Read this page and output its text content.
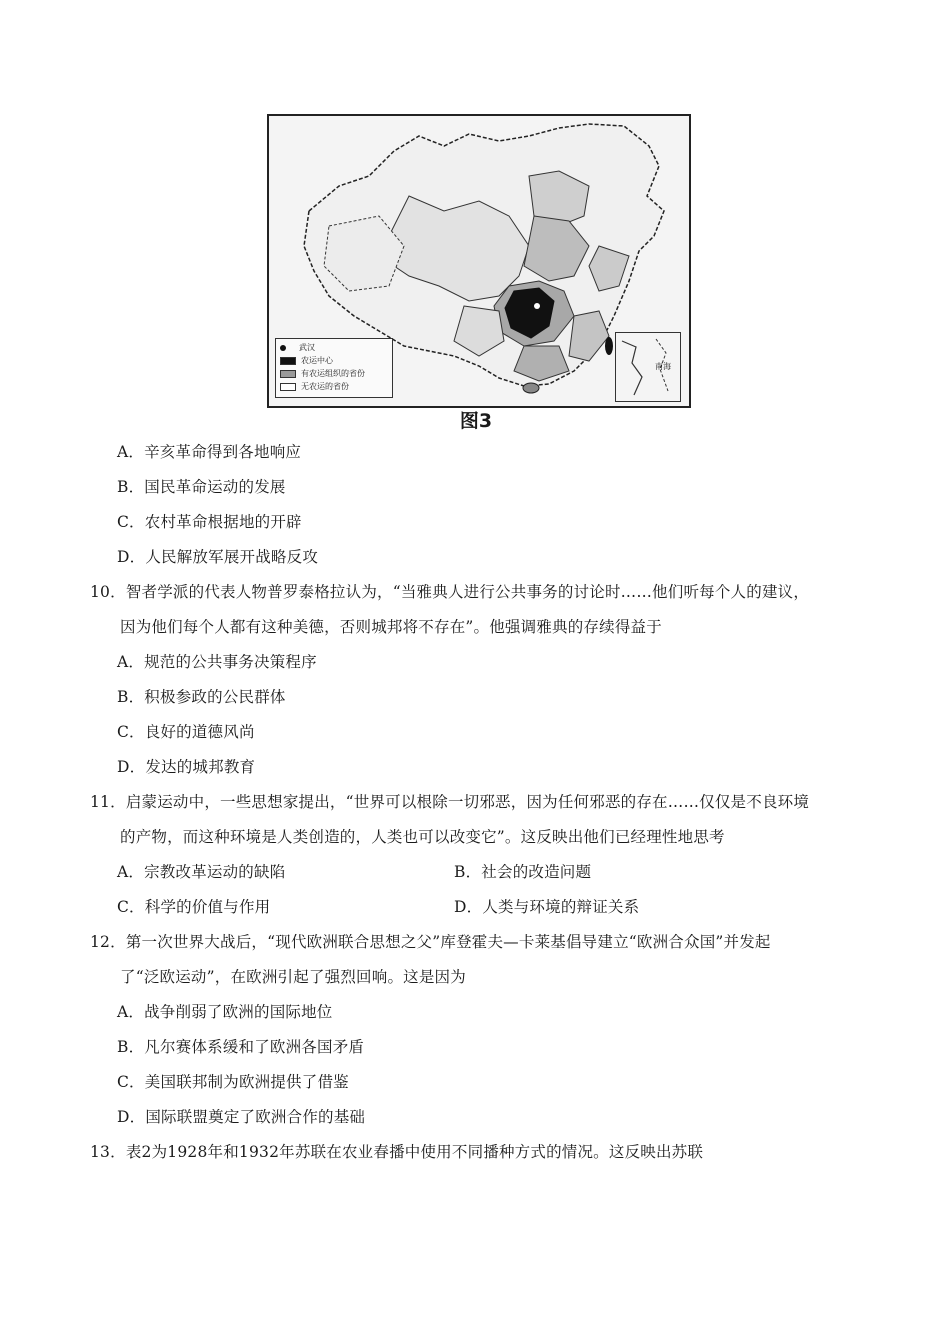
武汉
农运中心
有农运组织的省份
无农运的省份
南海
图3
A．辛亥革命得到各地响应
B．国民革命运动的发展
C．农村革命根据地的开辟
D．人民解放军展开战略反攻
10．智者学派的代表人物普罗泰格拉认为，“当雅典人进行公共事务的讨论时……他们听每个人的建议，
因为他们每个人都有这种美德，否则城邦将不存在”。他强调雅典的存续得益于
A．规范的公共事务决策程序
B．积极参政的公民群体
C．良好的道德风尚
D．发达的城邦教育
11．启蒙运动中，一些思想家提出，“世界可以根除一切邪恶，因为任何邪恶的存在……仅仅是不良环境
的产物，而这种环境是人类创造的，人类也可以改变它”。这反映出他们已经理性地思考
A．宗教改革运动的缺陷	B．社会的改造问题
C．科学的价值与作用	D．人类与环境的辩证关系
12．第一次世界大战后，“现代欧洲联合思想之父”库登霍夫—卡莱基倡导建立“欧洲合众国”并发起
了“泛欧运动”，在欧洲引起了强烈回响。这是因为
A．战争削弱了欧洲的国际地位
B．凡尔赛体系缓和了欧洲各国矛盾
C．美国联邦制为欧洲提供了借鉴
D．国际联盟奠定了欧洲合作的基础
13．表2为1928年和1932年苏联在农业春播中使用不同播种方式的情况。这反映出苏联
